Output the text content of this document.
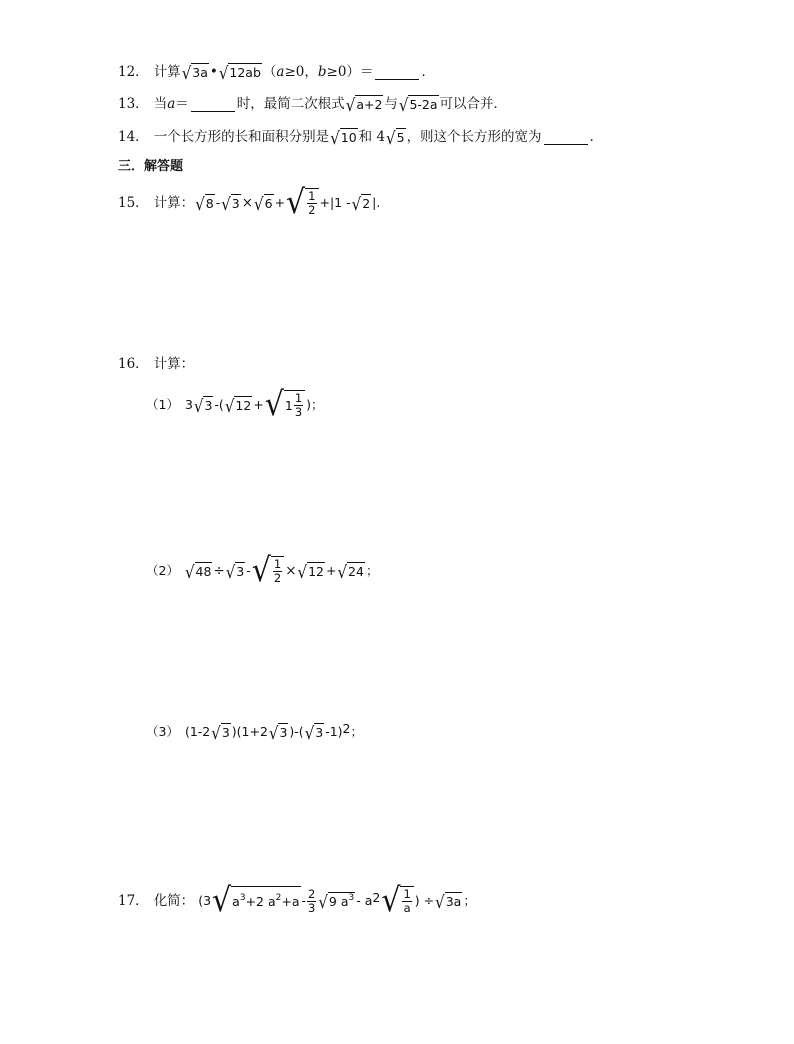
12． 计算 √ 3a • √ 12ab （ a ≥0， b ≥0）＝	．
13． 当 a ＝	时，最简二次根式 √ a+2 与 √ 5-2a 可以合并．
14． 一个长方形的长和面积分别是 √ 10 和 4 √ 5 ，则这个长方形的宽为	．
三．解答题
15． 计算： √ 8 - √ 3 × √ 6 + √ $\frac{1}{2} +|1$ - √ 2 |.
16． 计算：
（1） 3 √ 3 -( √ 12 + √ $1 \frac{1}{3}$ )；
（2） √ 48 ÷ √ 3 - √ $\frac{1}{2}$ × √ 12 + √ 24 ；
（3） (1-2 √ 3 )(1+2 √ 3 )-( √ 3 -1)$^2$ ；
17． 化简： (3 √ $a^3 +2$ $a^2 +a - \frac{2}{3}$ √ 9 $a^3 - a^2$ √ $\frac{1}{a}$ ) ÷ √ 3a ；
